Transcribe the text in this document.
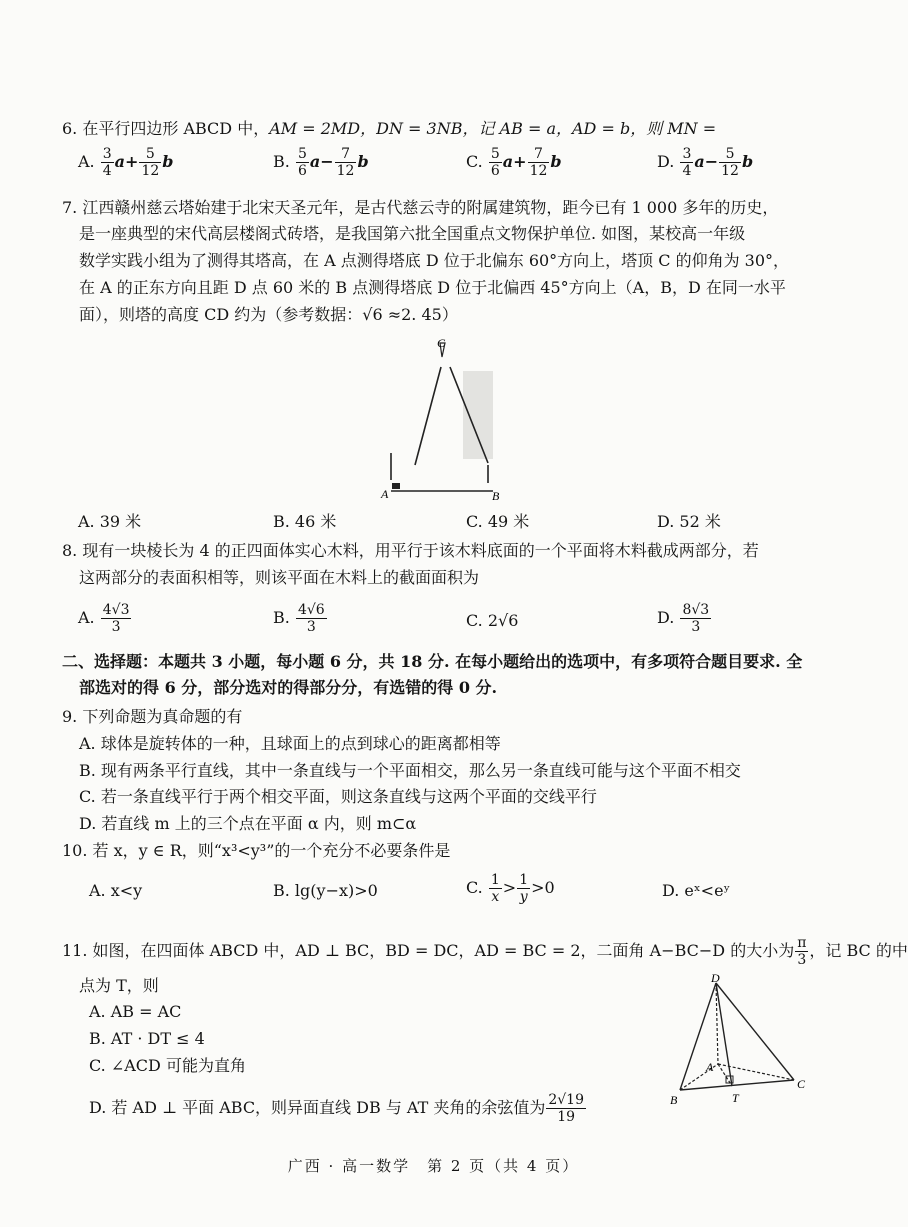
6. 在平行四边形 ABCD 中，AM = 2MD，DN = 3NB，记 AB = a，AD = b，则 MN =
A. $\frac{3}{4} a+ \frac{5}{12}$ b	B. $\frac{5}{6} a- \frac{7}{12}$ b	C. $\frac{5}{6} a+ \frac{7}{12}$ b	D. $\frac{3}{4} a- \frac{5}{12}$ b
7. 江西赣州慈云塔始建于北宋天圣元年，是古代慈云寺的附属建筑物，距今已有 1 000 多年的历史，
是一座典型的宋代高层楼阁式砖塔，是我国第六批全国重点文物保护单位. 如图，某校高一年级
数学实践小组为了测得其塔高，在 A 点测得塔底 D 位于北偏东 60°方向上，塔顶 C 的仰角为 30°，
在 A 的正东方向且距 D 点 60 米的 B 点测得塔底 D 位于北偏西 45°方向上（A，B，D 在同一水平
面），则塔的高度 CD 约为（参考数据：√6 ≈2. 45）
C
A	B
A. 39 米	B. 46 米	C. 49 米	D. 52 米
8. 现有一块棱长为 4 的正四面体实心木料，用平行于该木料底面的一个平面将木料截成两部分，若
这两部分的表面积相等，则该平面在木料上的截面面积为
A. $\frac{4√3}{3}$	B. $\frac{4√6}{3}$	C. 2√6	D. $\frac{8√3}{3}$
二、选择题：本题共 3 小题，每小题 6 分，共 18 分. 在每小题给出的选项中，有多项符合题目要求. 全
部选对的得 6 分，部分选对的得部分分，有选错的得 0 分.
9. 下列命题为真命题的有
A. 球体是旋转体的一种，且球面上的点到球心的距离都相等
B. 现有两条平行直线，其中一条直线与一个平面相交，那么另一条直线可能与这个平面不相交
C. 若一条直线平行于两个相交平面，则这条直线与这两个平面的交线平行
D. 若直线 m 上的三个点在平面 α 内，则 m⊂α
10. 若 x，y ∈ R，则“x³<y³”的一个充分不必要条件是
A. x<y	B. lg(y−x)>0	C. $\frac{1}{x} > \frac{1}{y} >0$	D. eˣ<eʸ
11. 如图，在四面体 ABCD 中，AD ⊥ BC，BD = DC，AD = BC = 2，二面角 A−BC−D 的大小为 $\frac{\pi}{3}$ ，记 BC 的中
点为 T，则
A. AB = AC
B. AT · DT ≤ 4
C. ∠ACD 可能为直角
D. 若 AD ⊥ 平面 ABC，则异面直线 DB 与 AT 夹角的余弦值为 $\frac{2√19}{19}$
D
A
B
C
T
广西 · 高一数学　第 2 页（共 4 页）
